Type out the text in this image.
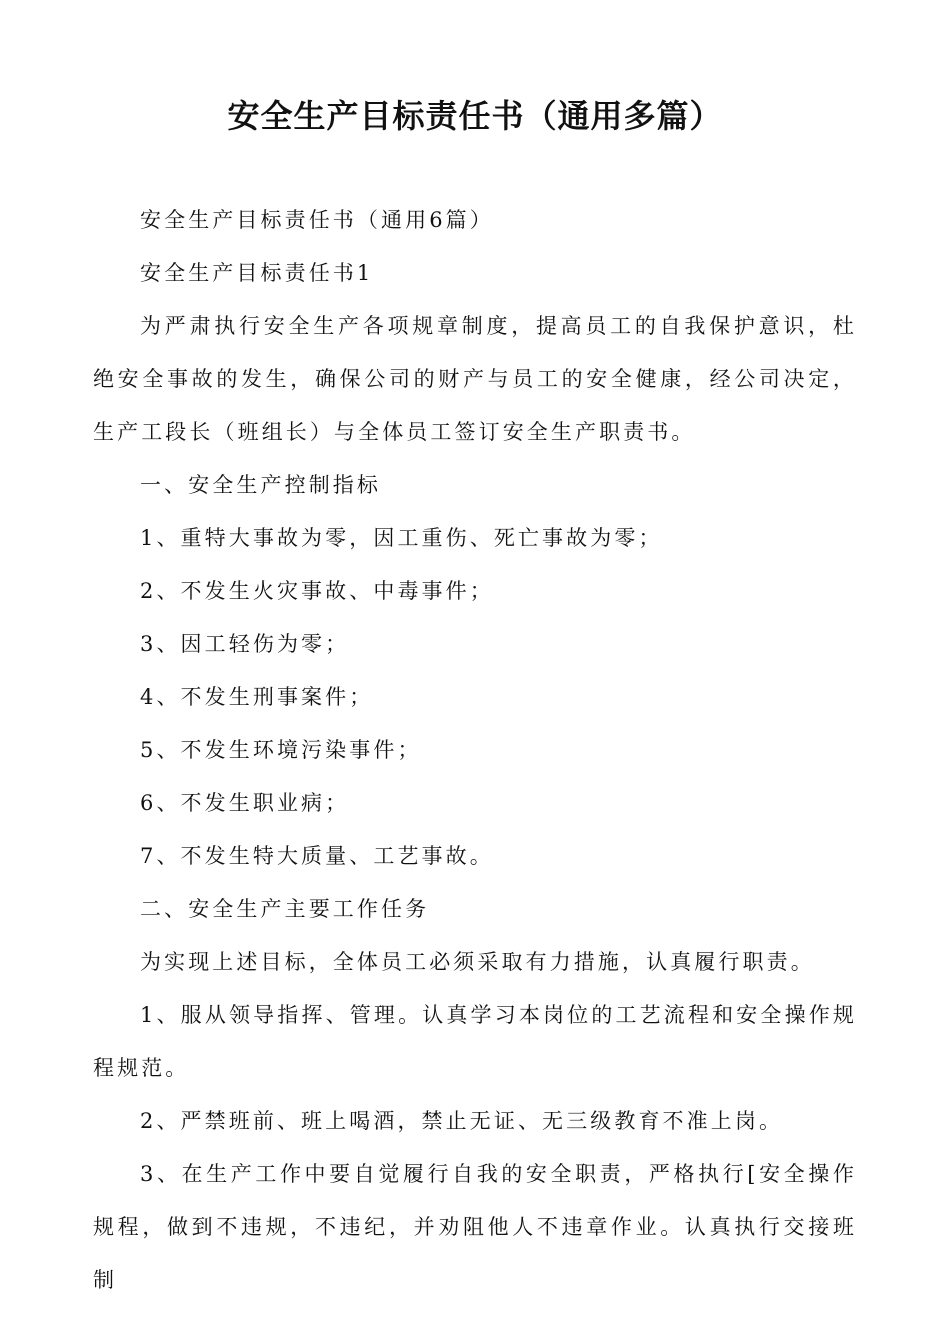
安全生产目标责任书（通用多篇）

安全生产目标责任书（通用6篇）

安全生产目标责任书1

为严肃执行安全生产各项规章制度，提高员工的自我保护意识，杜绝安全事故的发生，确保公司的财产与员工的安全健康，经公司决定，生产工段长（班组长）与全体员工签订安全生产职责书。

一、安全生产控制指标

1、重特大事故为零，因工重伤、死亡事故为零；

2、不发生火灾事故、中毒事件；

3、因工轻伤为零；

4、不发生刑事案件；

5、不发生环境污染事件；

6、不发生职业病；

7、不发生特大质量、工艺事故。

二、安全生产主要工作任务

为实现上述目标，全体员工必须采取有力措施，认真履行职责。

1、服从领导指挥、管理。认真学习本岗位的工艺流程和安全操作规程规范。

2、严禁班前、班上喝酒，禁止无证、无三级教育不准上岗。

3、在生产工作中要自觉履行自我的安全职责，严格执行[安全操作规程，做到不违规，不违纪，并劝阻他人不违章作业。认真执行交接班制
